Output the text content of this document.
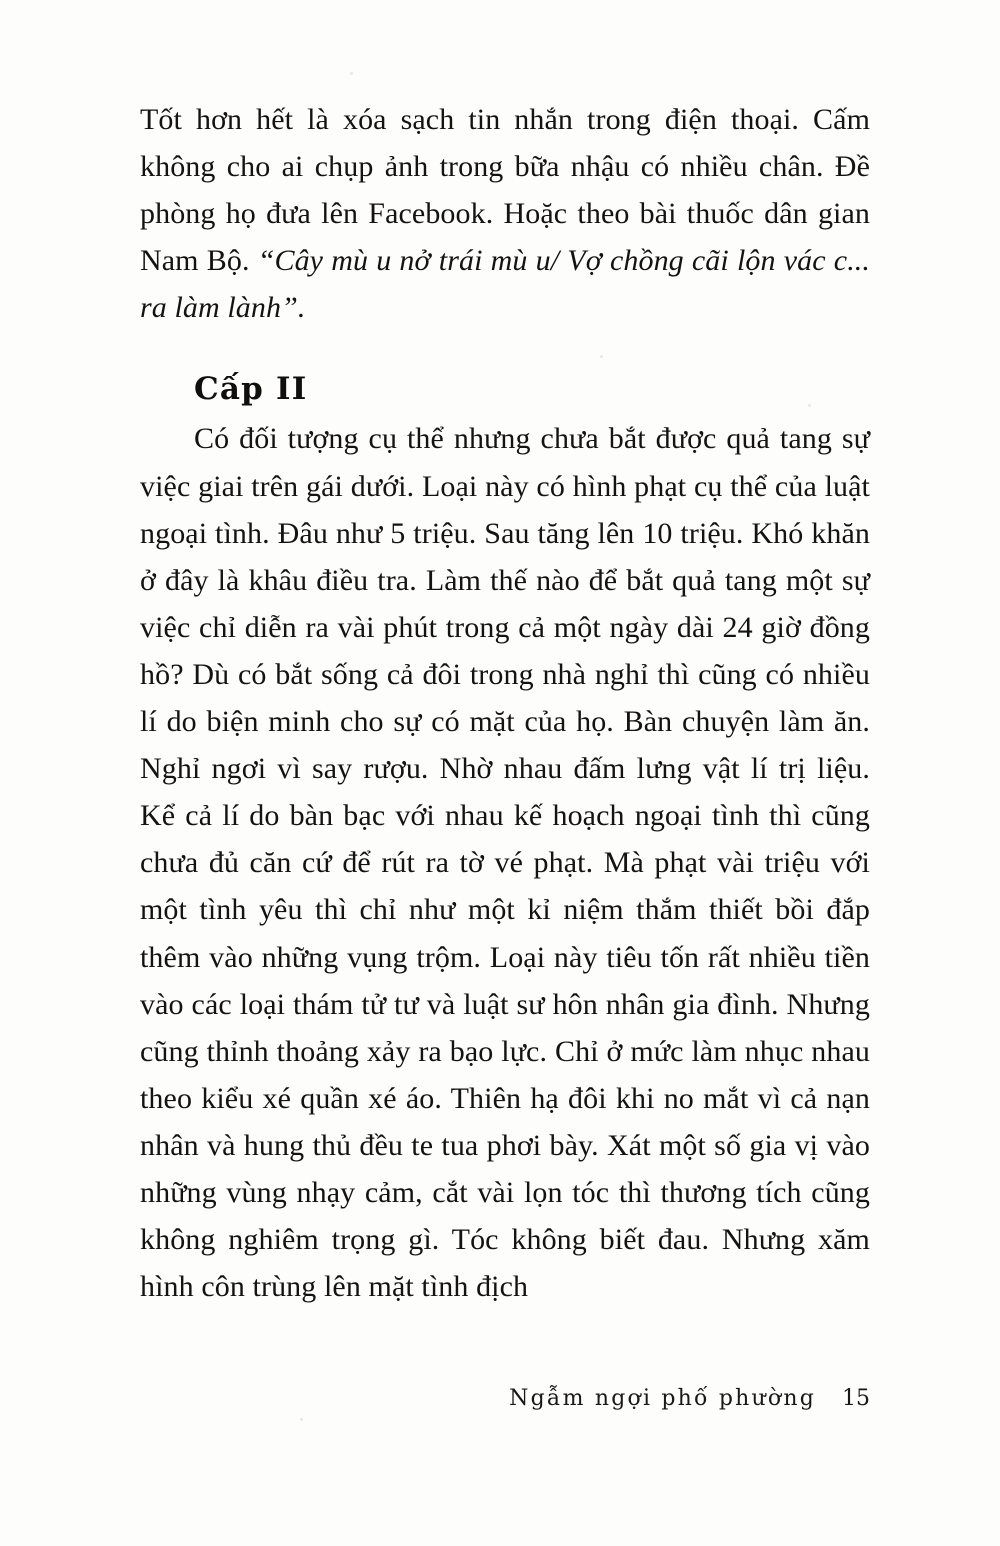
Tốt hơn hết là xóa sạch tin nhắn trong điện thoại. Cấm không cho ai chụp ảnh trong bữa nhậu có nhiều chân. Đề phòng họ đưa lên Facebook. Hoặc theo bài thuốc dân gian Nam Bộ. “Cây mù u nở trái mù u/ Vợ chồng cãi lộn vác c... ra làm lành”.

Cấp II

Có đối tượng cụ thể nhưng chưa bắt được quả tang sự việc giai trên gái dưới. Loại này có hình phạt cụ thể của luật ngoại tình. Đâu như 5 triệu. Sau tăng lên 10 triệu. Khó khăn ở đây là khâu điều tra. Làm thế nào để bắt quả tang một sự việc chỉ diễn ra vài phút trong cả một ngày dài 24 giờ đồng hồ? Dù có bắt sống cả đôi trong nhà nghỉ thì cũng có nhiều lí do biện minh cho sự có mặt của họ. Bàn chuyện làm ăn. Nghỉ ngơi vì say rượu. Nhờ nhau đấm lưng vật lí trị liệu. Kể cả lí do bàn bạc với nhau kế hoạch ngoại tình thì cũng chưa đủ căn cứ để rút ra tờ vé phạt. Mà phạt vài triệu với một tình yêu thì chỉ như một kỉ niệm thắm thiết bồi đắp thêm vào những vụng trộm. Loại này tiêu tốn rất nhiều tiền vào các loại thám tử tư và luật sư hôn nhân gia đình. Nhưng cũng thỉnh thoảng xảy ra bạo lực. Chỉ ở mức làm nhục nhau theo kiểu xé quần xé áo. Thiên hạ đôi khi no mắt vì cả nạn nhân và hung thủ đều te tua phơi bày. Xát một số gia vị vào những vùng nhạy cảm, cắt vài lọn tóc thì thương tích cũng không nghiêm trọng gì. Tóc không biết đau. Nhưng xăm hình côn trùng lên mặt tình địch

Ngẫm ngợi phố phường 15
